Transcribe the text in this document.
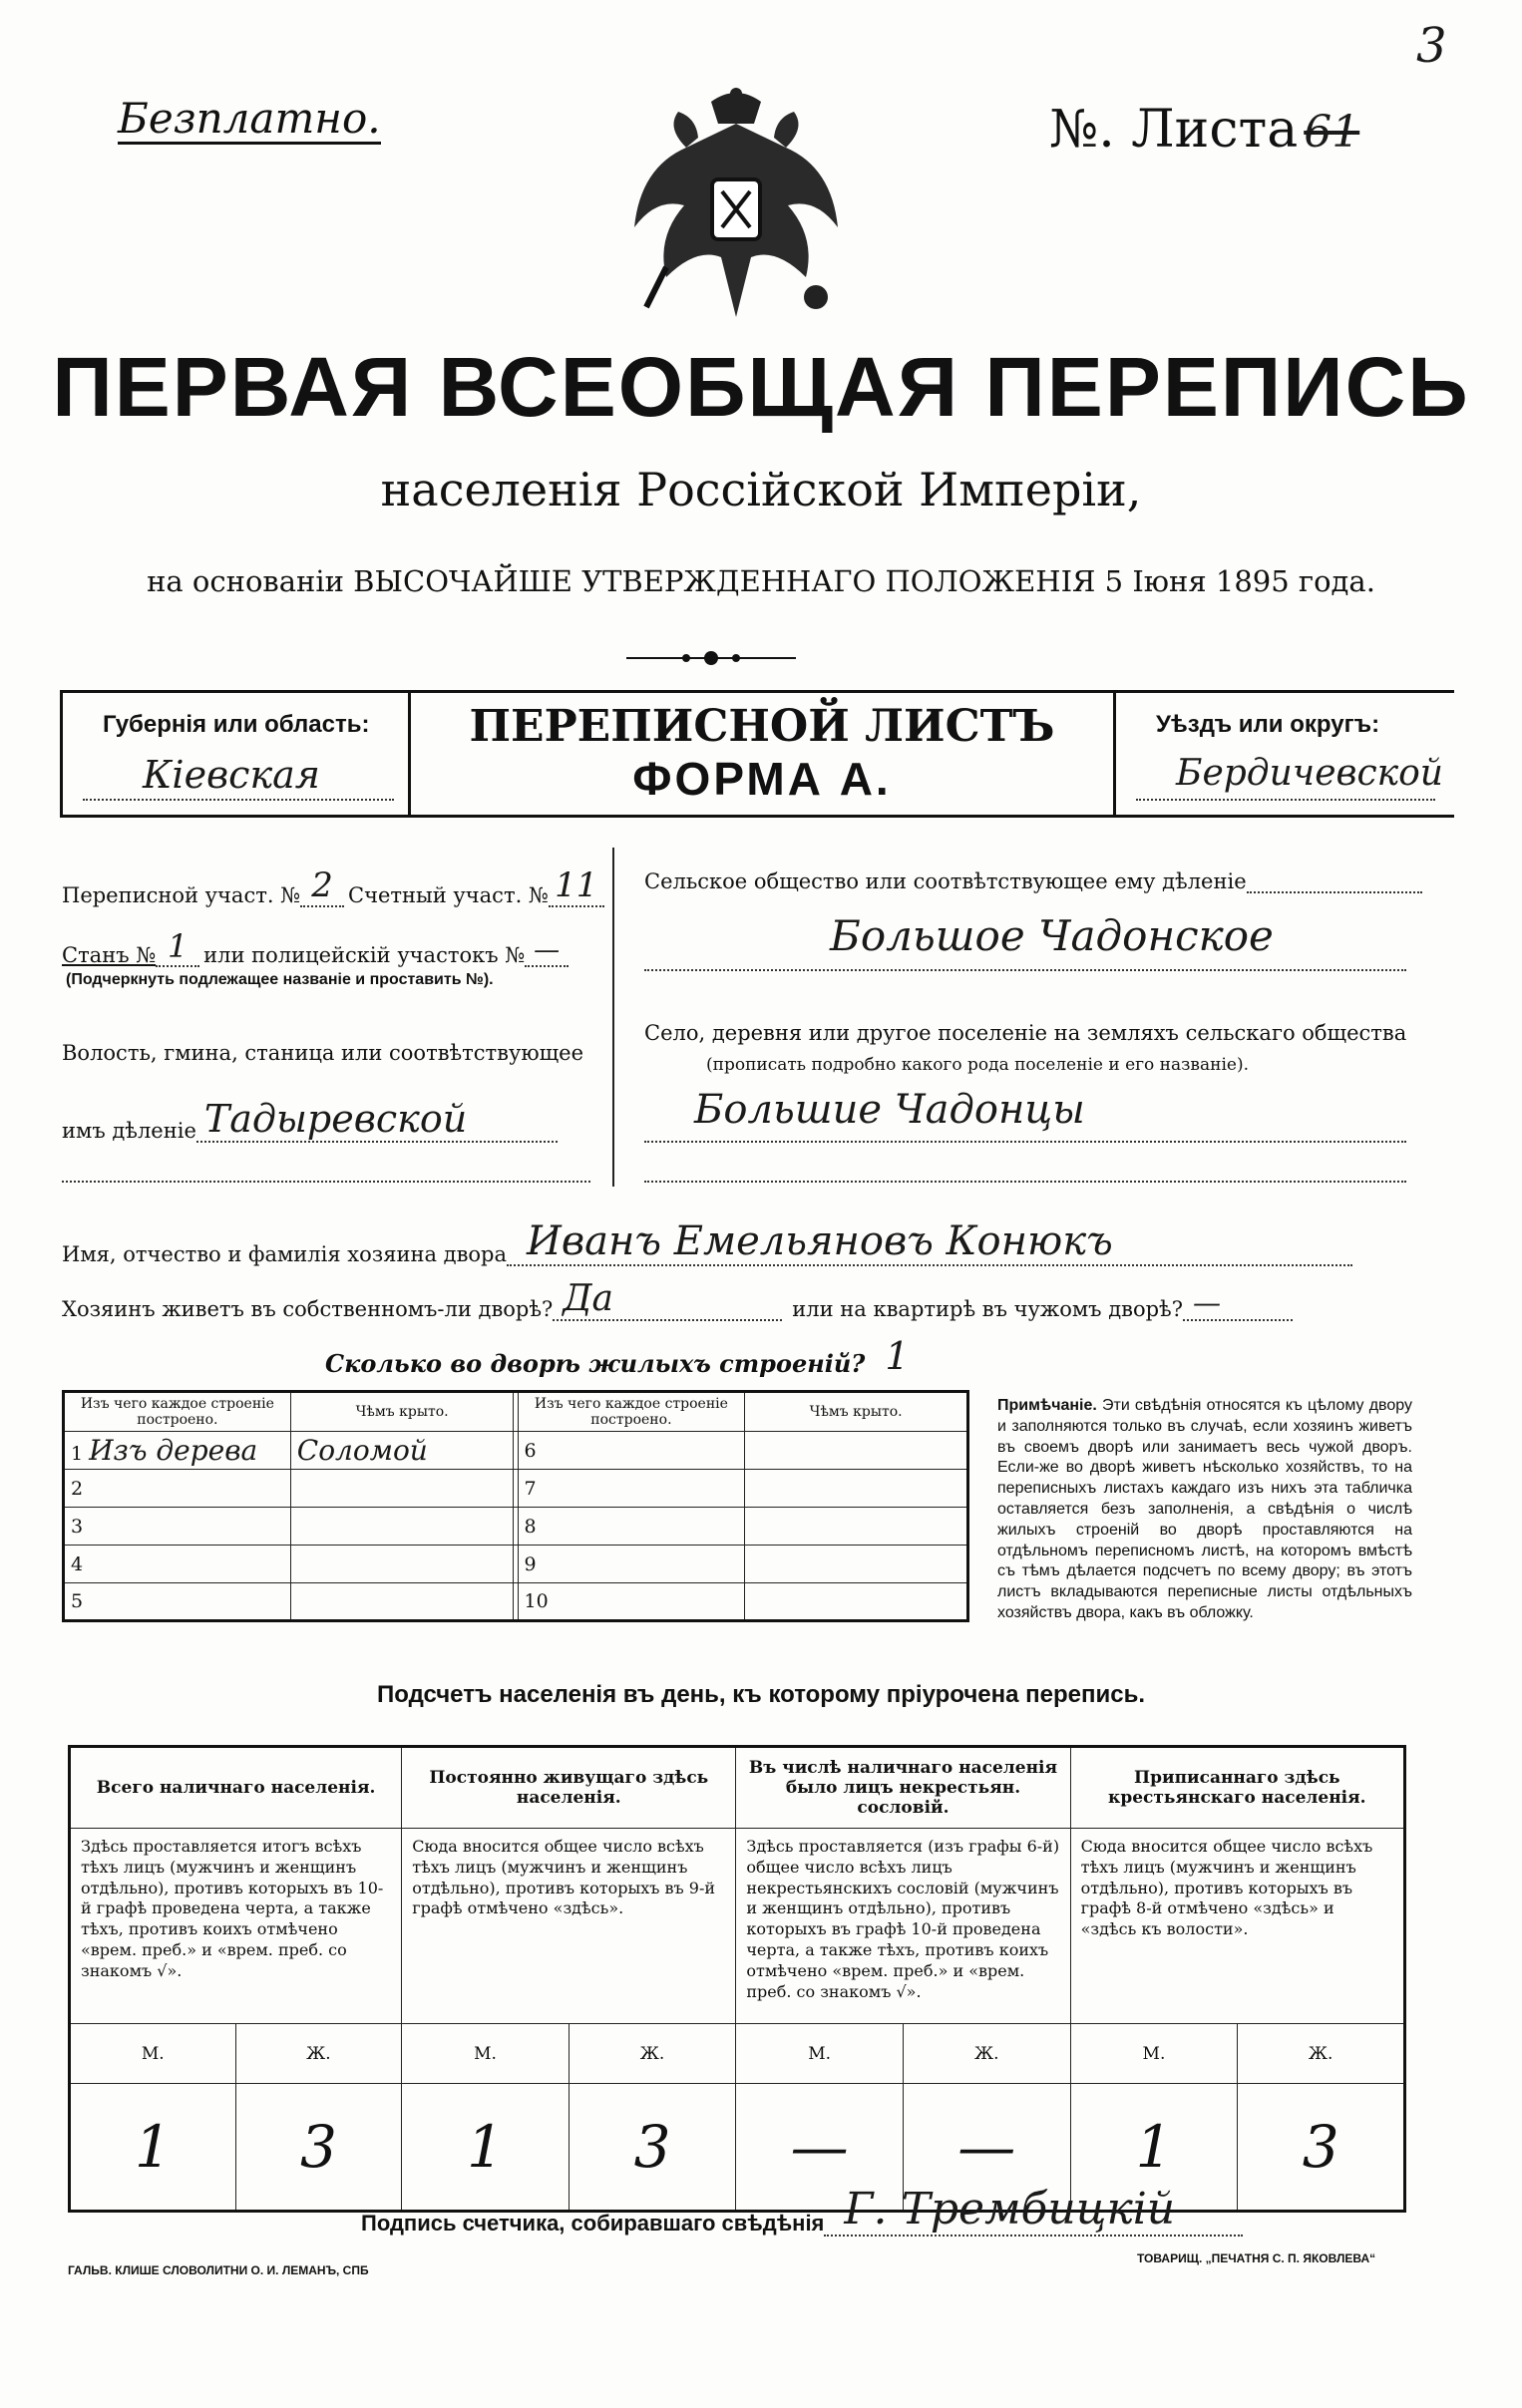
3
Безплатно.	№. Листа 61
ПЕРВАЯ ВСЕОБЩАЯ ПЕРЕПИСЬ
населенія Россійской Имперіи,
на основаніи ВЫСОЧАЙШЕ УТВЕРЖДЕННАГО ПОЛОЖЕНІЯ 5 Іюня 1895 года.
Губернія или область:
Кіевская
ПЕРЕПИСНОЙ ЛИСТЪ
ФОРМА А.
Уѣздъ или округъ:
Бердичевской
Переписной участ. № 2 Счетный участ. № 11
Станъ № 1 или полицейскій участокъ № —
(Подчеркнуть подлежащее названіе и проставить №).
Волость, гмина, станица или соотвѣтствующее
имъ дѣленіе Тадыревской
Сельское общество или соотвѣтствующее ему дѣленіе
Большое Чадонское
Село, деревня или другое поселеніе на земляхъ сельскаго общества
(прописать подробно какого рода поселеніе и его названіе).
Большие Чадонцы
Имя, отчество и фамилія хозяина двора Иванъ Емельяновъ Конюкъ
Хозяинъ живетъ въ собственномъ-ли дворѣ? Да	или на квартирѣ въ чужомъ дворѣ? —
Сколько во дворѣ жилыхъ строеній? 1
Изъ чего каждое строеніе построено.	Чѣмъ крыто.		Изъ чего каждое строеніе построено.	Чѣмъ крыто.
1 Изъ дерева	Соломой		6	
2			7	
3			8	
4			9	
5			10	
Примѣчаніе. Эти свѣдѣнія относятся къ цѣлому двору и заполняются только въ случаѣ, если хозяинъ живетъ въ своемъ дворѣ или занимаетъ весь чужой дворъ. Если-же во дворѣ живетъ нѣсколько хозяйствъ, то на переписныхъ листахъ каждаго изъ нихъ эта табличка оставляется безъ заполненія, а свѣдѣнія о числѣ жилыхъ строеній во дворѣ проставляются на отдѣльномъ переписномъ листѣ, на которомъ вмѣстѣ съ тѣмъ дѣлается подсчетъ по всему двору; въ этотъ листъ вкладываются переписные листы отдѣльныхъ хозяйствъ двора, какъ въ обложку.
Подсчетъ населенія въ день, къ которому пріурочена перепись.
Всего наличнаго населенія.		Постоянно живущаго здѣсь населенія.		Въ числѣ наличнаго населенія было лицъ некрестьян. сословій.		Приписаннаго здѣсь крестьянскаго населенія.	
Здѣсь проставляется итогъ всѣхъ тѣхъ лицъ (мужчинъ и женщинъ отдѣльно), противъ которыхъ въ 10-й графѣ проведена черта, а также тѣхъ, противъ коихъ отмѣчено «врем. преб.» и «врем. преб. со знакомъ √».		Сюда вносится общее число всѣхъ тѣхъ лицъ (мужчинъ и женщинъ отдѣльно), противъ которыхъ въ 9-й графѣ отмѣчено «здѣсь».		Здѣсь проставляется (изъ графы 6-й) общее число всѣхъ лицъ некрестьянскихъ сословій (мужчинъ и женщинъ отдѣльно), противъ которыхъ въ графѣ 10-й проведена черта, а также тѣхъ, противъ коихъ отмѣчено «врем. преб.» и «врем. преб. со знакомъ √».		Сюда вносится общее число всѣхъ тѣхъ лицъ (мужчинъ и женщинъ отдѣльно), противъ которыхъ въ графѣ 8-й отмѣчено «здѣсь» и «здѣсь къ волости».	
М.	Ж.	М.	Ж.	М.	Ж.	М.	Ж.
1	3	1	3	—	—	1	3
Подпись счетчика, собиравшаго свѣдѣнія Г. Трембицкій
ГАЛЬВ. КЛИШЕ СЛОВОЛИТНИ О. И. ЛЕМАНЪ, СПБ
ТОВАРИЩ. „ПЕЧАТНЯ С. П. ЯКОВЛЕВА“
